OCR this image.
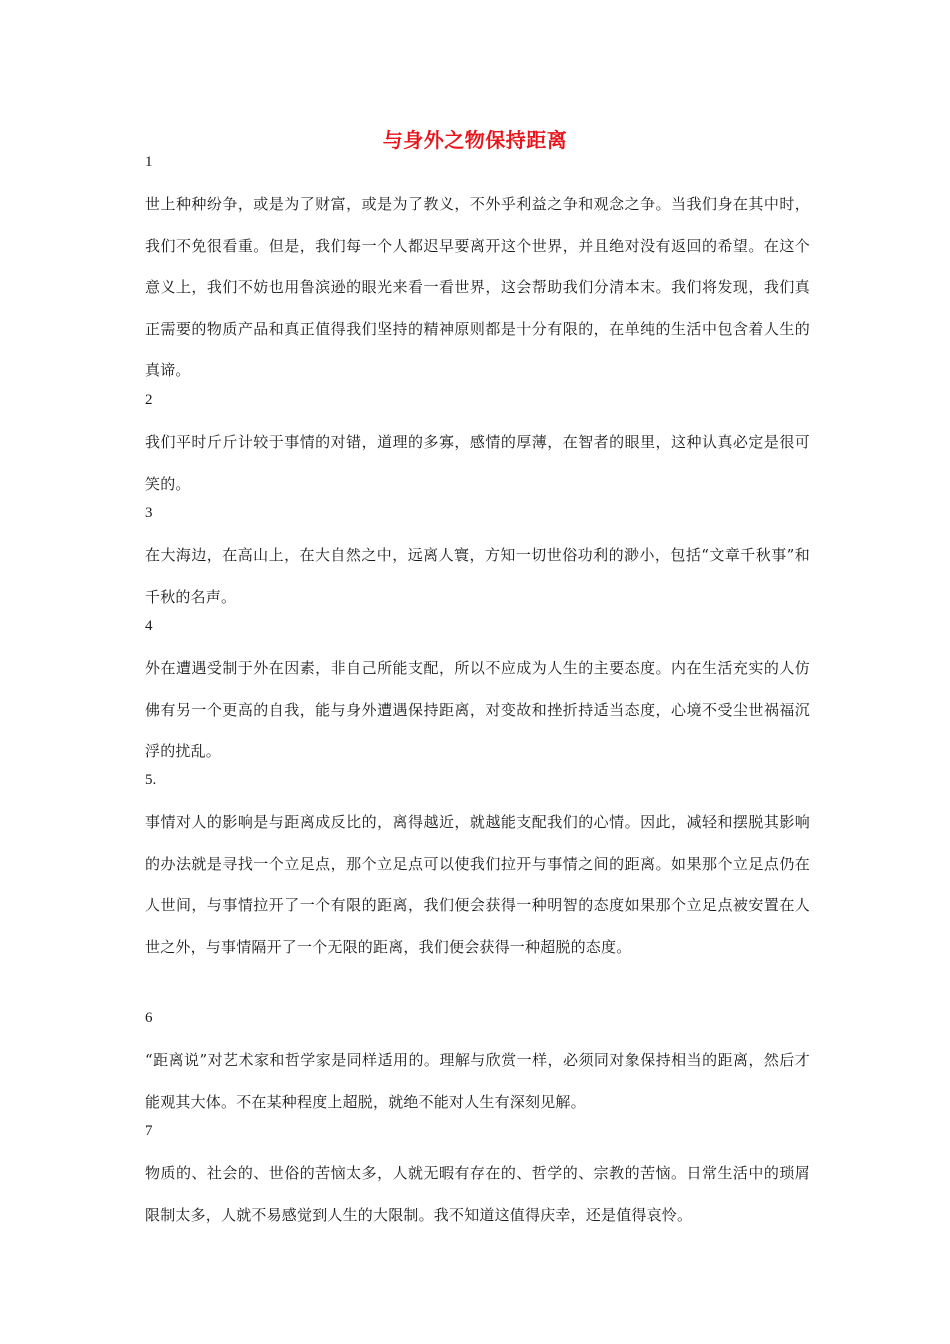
与身外之物保持距离
1
世上种种纷争，或是为了财富，或是为了教义，不外乎利益之争和观念之争。当我们身在其中时，我们不免很看重。但是，我们每一个人都迟早要离开这个世界，并且绝对没有返回的希望。在这个意义上，我们不妨也用鲁滨逊的眼光来看一看世界，这会帮助我们分清本末。我们将发现，我们真正需要的物质产品和真正值得我们坚持的精神原则都是十分有限的，在单纯的生活中包含着人生的真谛。
2
我们平时斤斤计较于事情的对错，道理的多寡，感情的厚薄，在智者的眼里，这种认真必定是很可笑的。
3
在大海边，在高山上，在大自然之中，远离人寰，方知一切世俗功利的渺小，包括“文章千秋事”和千秋的名声。
4
外在遭遇受制于外在因素，非自己所能支配，所以不应成为人生的主要态度。内在生活充实的人仿佛有另一个更高的自我，能与身外遭遇保持距离，对变故和挫折持适当态度，心境不受尘世祸福沉浮的扰乱。
5.
事情对人的影响是与距离成反比的，离得越近，就越能支配我们的心情。因此，减轻和摆脱其影响的办法就是寻找一个立足点，那个立足点可以使我们拉开与事情之间的距离。如果那个立足点仍在人世间，与事情拉开了一个有限的距离，我们便会获得一种明智的态度如果那个立足点被安置在人世之外，与事情隔开了一个无限的距离，我们便会获得一种超脱的态度。
6
“距离说”对艺术家和哲学家是同样适用的。理解与欣赏一样，必须同对象保持相当的距离，然后才能观其大体。不在某种程度上超脱，就绝不能对人生有深刻见解。
7
物质的、社会的、世俗的苦恼太多，人就无暇有存在的、哲学的、宗教的苦恼。日常生活中的琐屑限制太多，人就不易感觉到人生的大限制。我不知道这值得庆幸，还是值得哀怜。
